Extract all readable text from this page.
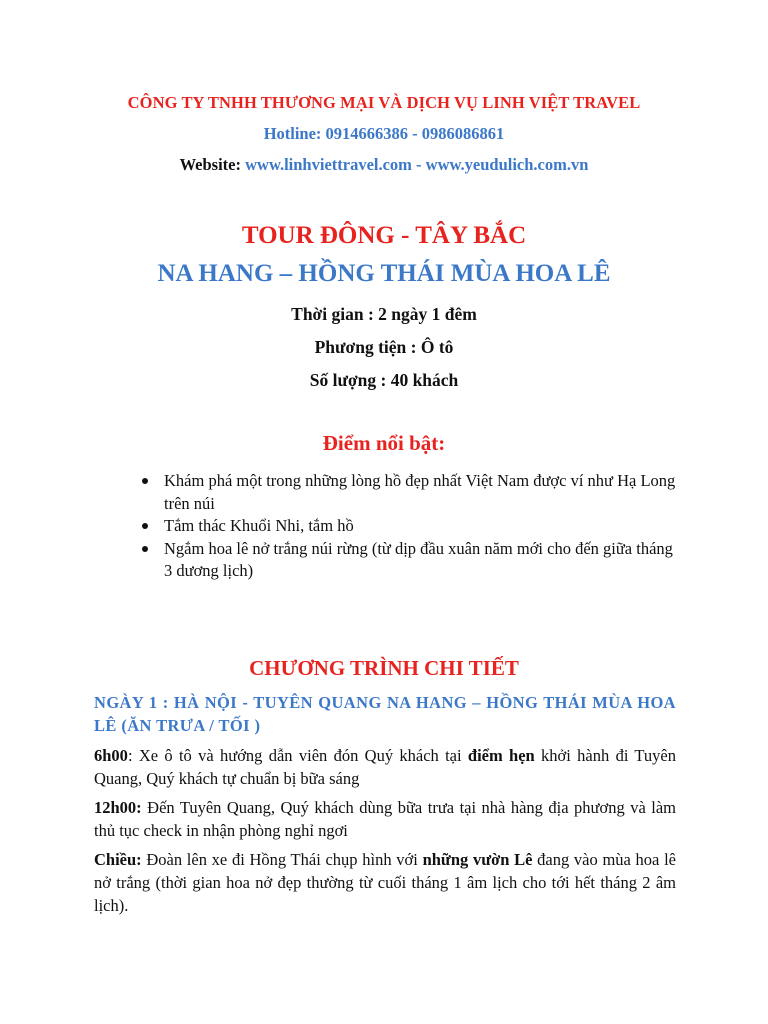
CÔNG TY TNHH THƯƠNG MẠI VÀ DỊCH VỤ LINH VIỆT TRAVEL

Hotline: 0914666386 - 0986086861

Website: www.linhviettravel.com - www.yeudulich.com.vn

TOUR ĐÔNG - TÂY BẮC

NA HANG – HỒNG THÁI MÙA HOA LÊ

Thời gian : 2 ngày 1 đêm

Phương tiện : Ô tô

Số lượng : 40 khách

Điểm nổi bật:

Khám phá một trong những lòng hồ đẹp nhất Việt Nam được ví như Hạ Long trên núi
Tắm thác Khuổi Nhi, tắm hồ
Ngắm hoa lê nở trắng núi rừng (từ dịp đầu xuân năm mới cho đến giữa tháng 3 dương lịch)

CHƯƠNG TRÌNH CHI TIẾT

NGÀY 1 : HÀ NỘI - TUYÊN QUANG NA HANG – HỒNG THÁI MÙA HOA LÊ (ĂN TRƯA / TỐI )

6h00: Xe ô tô và hướng dẫn viên đón Quý khách tại điểm hẹn khởi hành đi Tuyên Quang, Quý khách tự chuẩn bị bữa sáng

12h00: Đến Tuyên Quang, Quý khách dùng bữa trưa tại nhà hàng địa phương và làm thủ tục check in nhận phòng nghỉ ngơi

Chiều: Đoàn lên xe đi Hồng Thái chụp hình với những vườn Lê đang vào mùa hoa lê nở trắng (thời gian hoa nở đẹp thường từ cuối tháng 1 âm lịch cho tới hết tháng 2 âm lịch).
